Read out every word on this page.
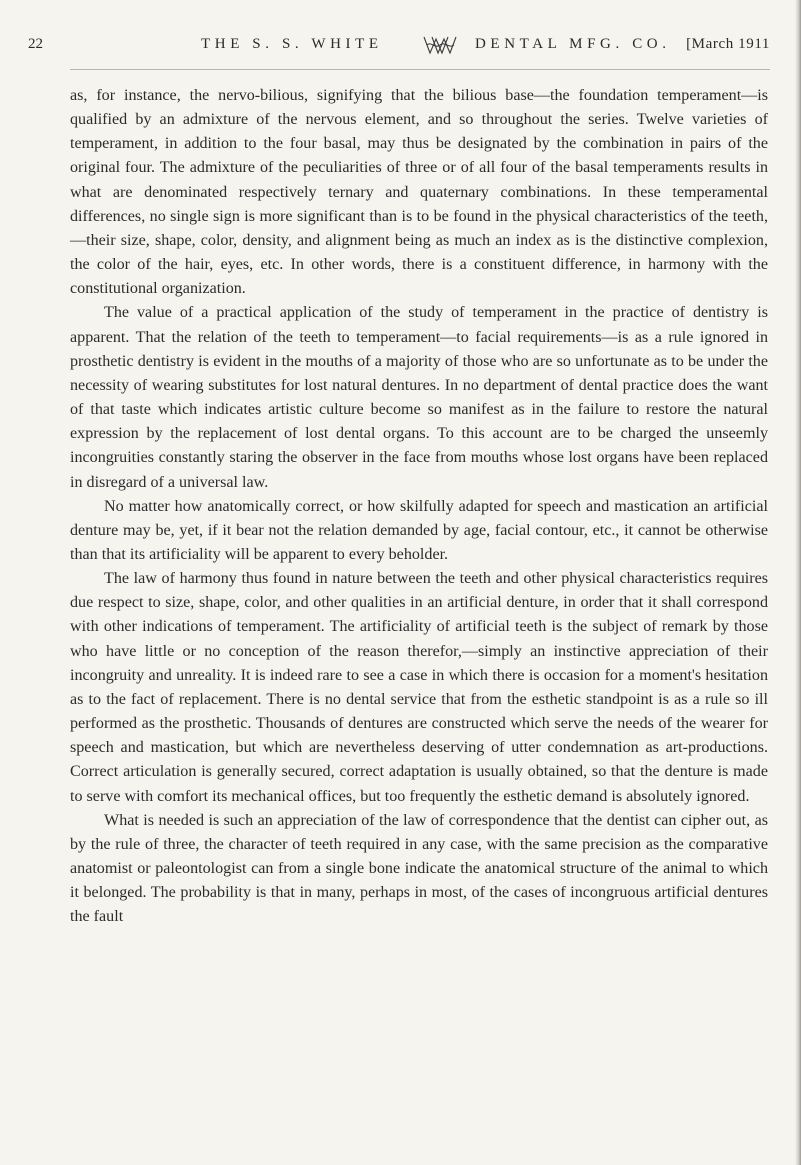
22	THE S. S. WHITE	DENTAL MFG. CO. [March 1911

as, for instance, the nervo-bilious, signifying that the bilious base—the foundation temperament—is qualified by an admixture of the nervous element, and so throughout the series. Twelve varieties of temperament, in addition to the four basal, may thus be designated by the combination in pairs of the original four. The admixture of the peculiarities of three or of all four of the basal temperaments results in what are denominated respectively ternary and quaternary combinations. In these temperamental differences, no single sign is more significant than is to be found in the physical characteristics of the teeth,—their size, shape, color, density, and alignment being as much an index as is the distinctive complexion, the color of the hair, eyes, etc. In other words, there is a constituent difference, in harmony with the constitutional organization.

The value of a practical application of the study of temperament in the practice of dentistry is apparent. That the relation of the teeth to temperament—to facial requirements—is as a rule ignored in prosthetic dentistry is evident in the mouths of a majority of those who are so unfortunate as to be under the necessity of wearing substitutes for lost natural dentures. In no department of dental practice does the want of that taste which indicates artistic culture become so manifest as in the failure to restore the natural expression by the replacement of lost dental organs. To this account are to be charged the unseemly incongruities constantly staring the observer in the face from mouths whose lost organs have been replaced in disregard of a universal law.

No matter how anatomically correct, or how skilfully adapted for speech and mastication an artificial denture may be, yet, if it bear not the relation demanded by age, facial contour, etc., it cannot be otherwise than that its artificiality will be apparent to every beholder.

The law of harmony thus found in nature between the teeth and other physical characteristics requires due respect to size, shape, color, and other qualities in an artificial denture, in order that it shall correspond with other indications of temperament. The artificiality of artificial teeth is the subject of remark by those who have little or no conception of the reason therefor,—simply an instinctive appreciation of their incongruity and unreality. It is indeed rare to see a case in which there is occasion for a moment's hesitation as to the fact of replacement. There is no dental service that from the esthetic standpoint is as a rule so ill performed as the prosthetic. Thousands of dentures are constructed which serve the needs of the wearer for speech and mastication, but which are nevertheless deserving of utter condemnation as art-productions. Correct articulation is generally secured, correct adaptation is usually obtained, so that the denture is made to serve with comfort its mechanical offices, but too frequently the esthetic demand is absolutely ignored.

What is needed is such an appreciation of the law of correspondence that the dentist can cipher out, as by the rule of three, the character of teeth required in any case, with the same precision as the comparative anatomist or paleontologist can from a single bone indicate the anatomical structure of the animal to which it belonged. The probability is that in many, perhaps in most, of the cases of incongruous artificial dentures the fault
